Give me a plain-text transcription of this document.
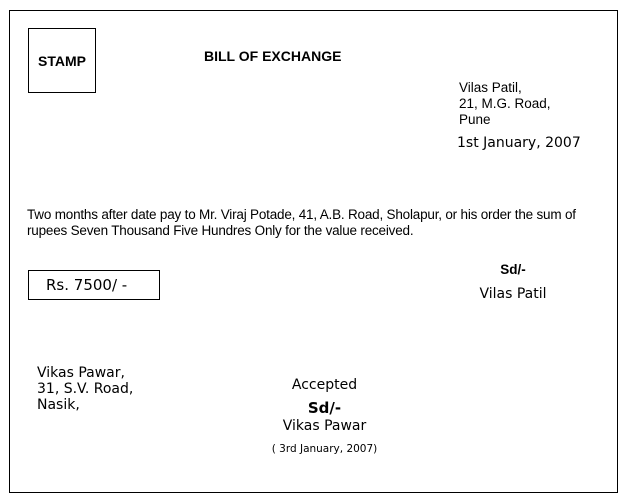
STAMP	BILL OF EXCHANGE
Vilas Patil,
21, M.G. Road,
Pune
1st January, 2007
Two months after date pay to Mr. Viraj Potade, 41, A.B. Road, Sholapur, or his order the sum of rupees Seven Thousand Five Hundres Only for the value received.
Rs. 7500/ -
Sd/-
Vilas Patil
Vikas Pawar,
31, S.V. Road,
Nasik,
Accepted
Sd/-
Vikas Pawar
( 3rd January, 2007)
